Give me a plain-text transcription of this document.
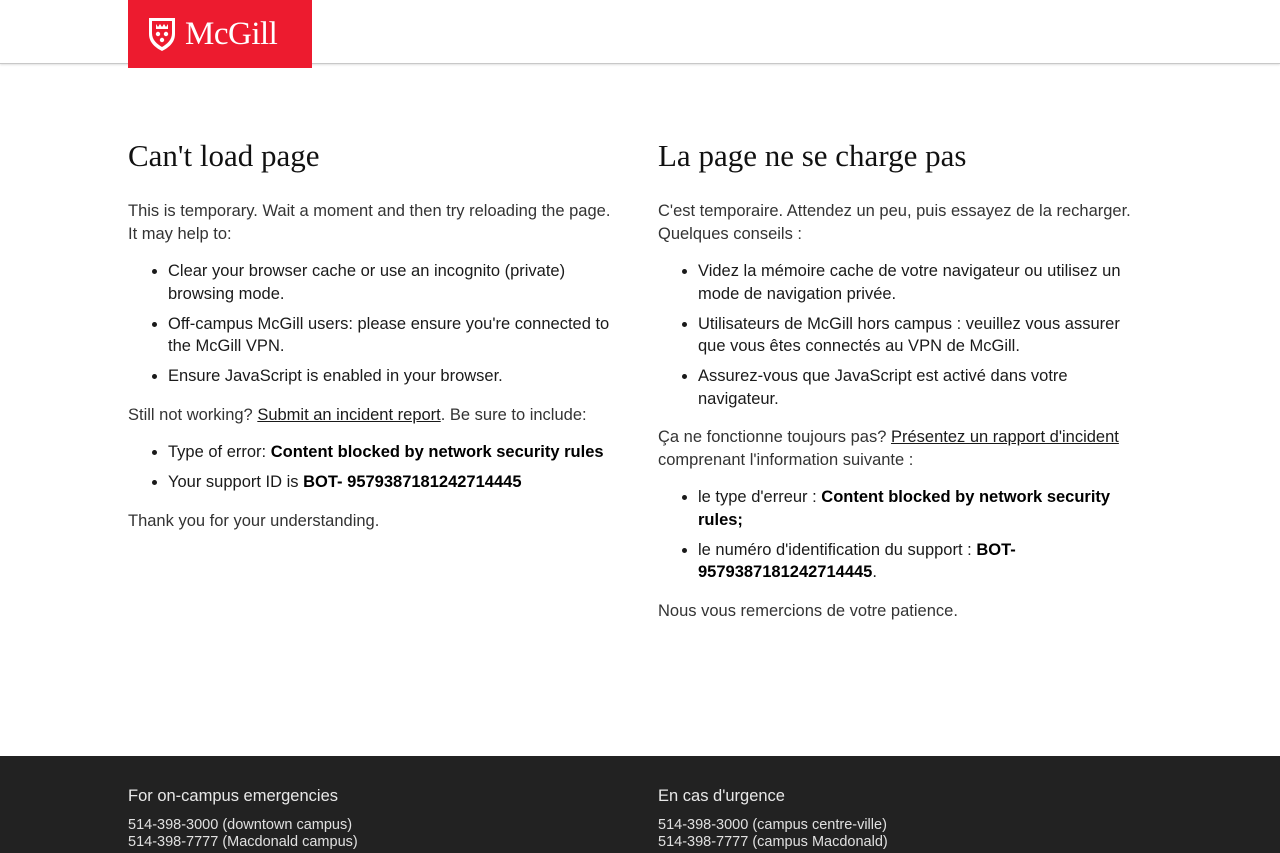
McGill
Can't load page

This is temporary. Wait a moment and then try reloading the page.
It may help to:

• Clear your browser cache or use an incognito (private) browsing mode.
• Off-campus McGill users: please ensure you're connected to the McGill VPN.
• Ensure JavaScript is enabled in your browser.

Still not working? Submit an incident report. Be sure to include:

• Type of error: Content blocked by network security rules
• Your support ID is BOT- 9579387181242714445

Thank you for your understanding.

La page ne se charge pas

C'est temporaire. Attendez un peu, puis essayez de la recharger.
Quelques conseils :

• Videz la mémoire cache de votre navigateur ou utilisez un mode de navigation privée.
• Utilisateurs de McGill hors campus : veuillez vous assurer que vous êtes connectés au VPN de McGill.
• Assurez-vous que JavaScript est activé dans votre navigateur.

Ça ne fonctionne toujours pas? Présentez un rapport d'incident
comprenant l'information suivante :

• le type d'erreur : Content blocked by network security rules;
• le numéro d'identification du support : BOT- 9579387181242714445.

Nous vous remercions de votre patience.

For on-campus emergencies

514-398-3000 (downtown campus)
514-398-7777 (Macdonald campus)

En cas d'urgence

514-398-3000 (campus centre-ville)
514-398-7777 (campus Macdonald)
